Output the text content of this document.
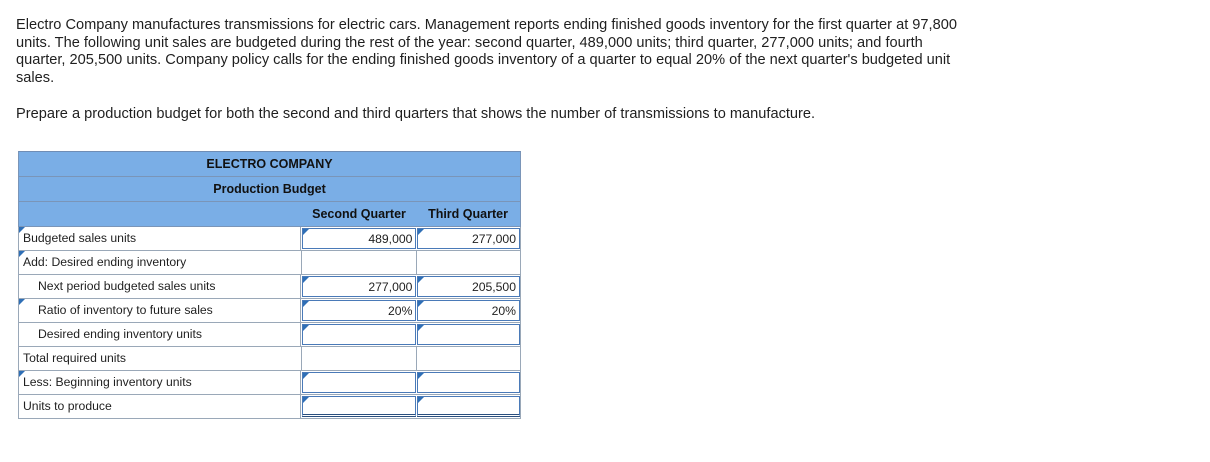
Electro Company manufactures transmissions for electric cars. Management reports ending finished goods inventory for the first quarter at 97,800 units. The following unit sales are budgeted during the rest of the year: second quarter, 489,000 units; third quarter, 277,000 units; and fourth quarter, 205,500 units. Company policy calls for the ending finished goods inventory of a quarter to equal 20% of the next quarter's budgeted unit sales.

Prepare a production budget for both the second and third quarters that shows the number of transmissions to manufacture.

ELECTRO COMPANY
Production Budget
Second Quarter	Third Quarter
Budgeted sales units	489,000	277,000
Add: Desired ending inventory
Next period budgeted sales units	277,000	205,500
Ratio of inventory to future sales	20%	20%
Desired ending inventory units
Total required units
Less: Beginning inventory units
Units to produce
